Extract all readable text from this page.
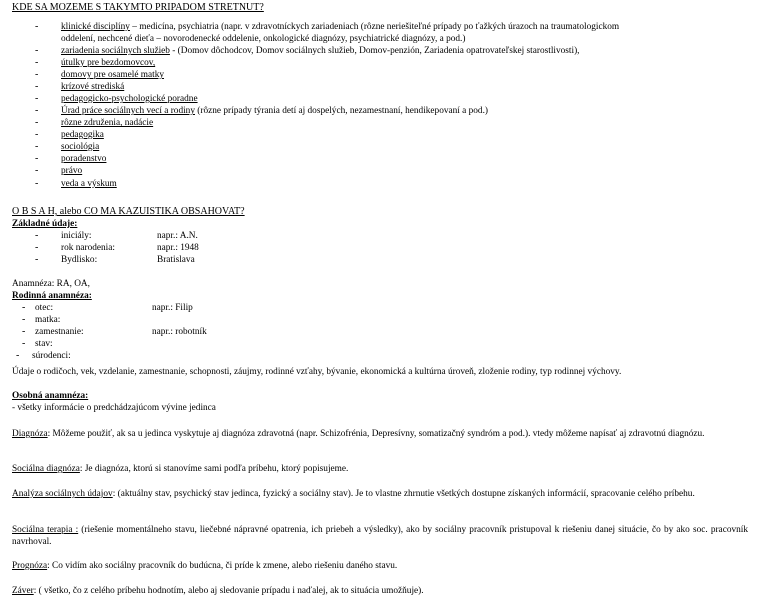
KDE SA MOZEME S TAKYMTO PRIPADOM STRETNUT?
- klinické disciplíny – medicína, psychiatria (napr. v zdravotníckych zariadeniach (rôzne neriešiteľné prípady po ťažkých úrazoch na traumatologickom
oddelení, nechcené dieťa – novorodenecké oddelenie, onkologické diagnózy, psychiatrické diagnózy, a pod.)
- zariadenia sociálnych služieb - (Domov dôchodcov, Domov sociálnych služieb, Domov-penzión, Zariadenia opatrovateľskej starostlivosti),
- útulky pre bezdomovcov,
- domovy pre osamelé matky
- krízové strediská
- pedagogicko-psychologické poradne
- Úrad práce sociálnych vecí a rodiny (rôzne prípady týrania detí aj dospelých, nezamestnaní, hendikepovaní a pod.)
- rôzne združenia, nadácie
- pedagogika
- sociológia
- poradenstvo
- právo
- veda a výskum
O B S A H, alebo CO MA KAZUISTIKA OBSAHOVAT?
Základné údaje:
- iniciály:	napr.: A.N.
- rok narodenia:	napr.: 1948
- Bydlisko:	Bratislava
Anamnéza: RA, OA,
Rodinná anamnéza:
- otec:	napr.: Filip
- matka:
- zamestnanie:	napr.: robotník
- stav:
- súrodenci:
Údaje o rodičoch, vek, vzdelanie, zamestnanie, schopnosti, záujmy, rodinné vzťahy, bývanie, ekonomická a kultúrna úroveň, zloženie rodiny, typ rodinnej výchovy.
Osobná anamnéza:
- všetky informácie o predchádzajúcom vývine jedinca
Diagnóza: Môžeme použiť, ak sa u jedinca vyskytuje aj diagnóza zdravotná (napr. Schizofrénia, Depresívny, somatizačný syndróm a pod.). vtedy môžeme napísať aj zdravotnú diagnózu.
Sociálna diagnóza: Je diagnóza, ktorú si stanovíme sami podľa príbehu, ktorý popisujeme.
Analýza sociálnych údajov: (aktuálny stav, psychický stav jedinca, fyzický a sociálny stav). Je to vlastne zhrnutie všetkých dostupne získaných informácií, spracovanie celého príbehu.
Sociálna terapia : (riešenie momentálneho stavu, liečebné nápravné opatrenia, ich priebeh a výsledky), ako by sociálny pracovník pristupoval k riešeniu danej situácie, čo by ako soc. pracovník navrhoval.
Prognóza: Co vidím ako sociálny pracovník do budúcna, či príde k zmene, alebo riešeniu daného stavu.
Záver: ( všetko, čo z celého príbehu hodnotím, alebo aj sledovanie prípadu i naďalej, ak to situácia umožňuje).
